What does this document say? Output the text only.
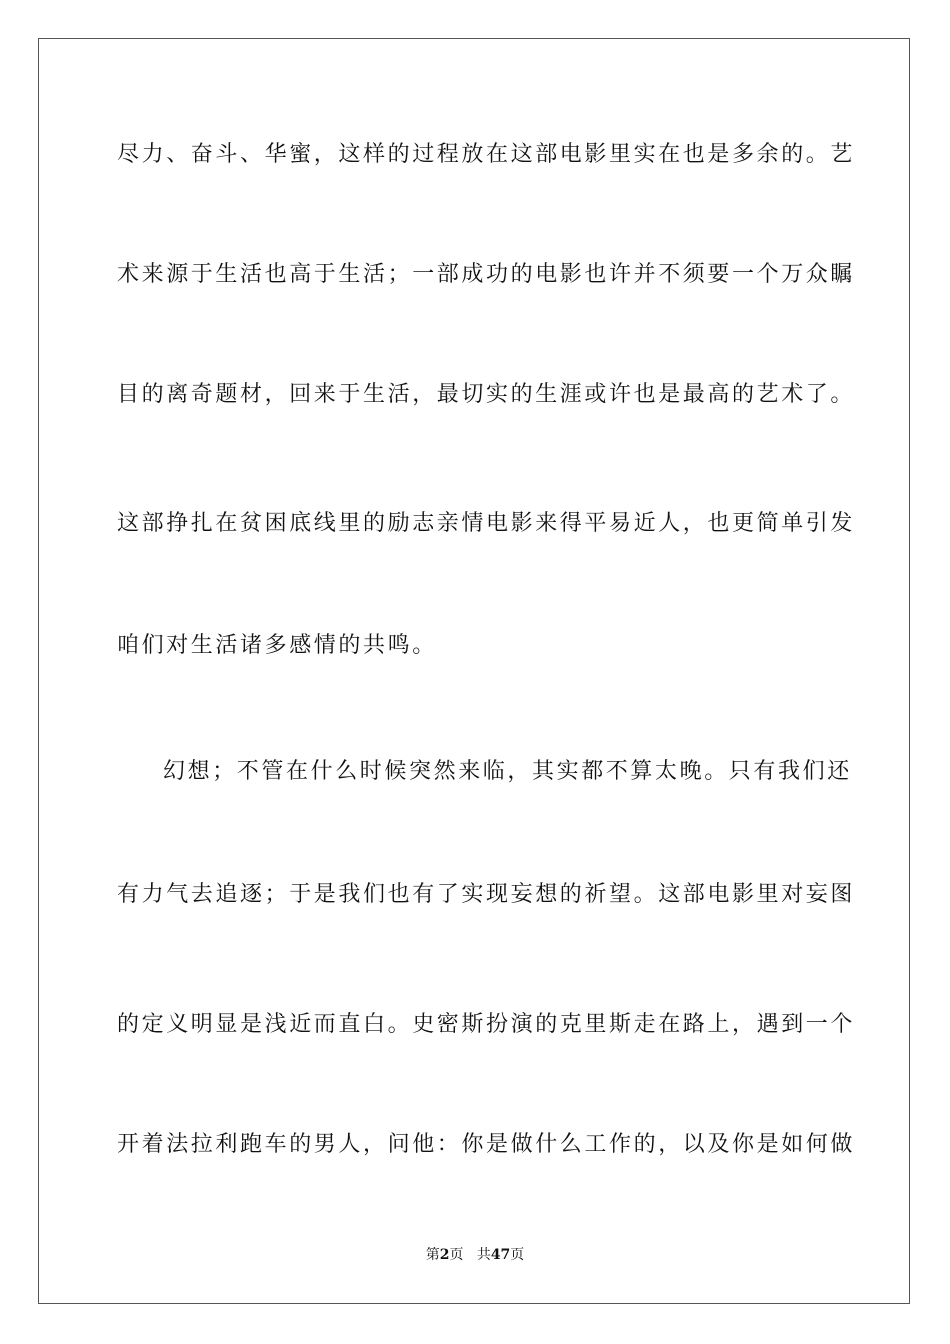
尽力、奋斗、华蜜，这样的过程放在这部电影里实在也是多余的。艺
术来源于生活也高于生活；一部成功的电影也许并不须要一个万众瞩
目的离奇题材，回来于生活，最切实的生涯或许也是最高的艺术了。
这部挣扎在贫困底线里的励志亲情电影来得平易近人，也更简单引发
咱们对生活诸多感情的共鸣。
幻想；不管在什么时候突然来临，其实都不算太晚。只有我们还
有力气去追逐；于是我们也有了实现妄想的祈望。这部电影里对妄图
的定义明显是浅近而直白。史密斯扮演的克里斯走在路上，遇到一个
开着法拉利跑车的男人，问他：你是做什么工作的，以及你是如何做
第2页 共47页
